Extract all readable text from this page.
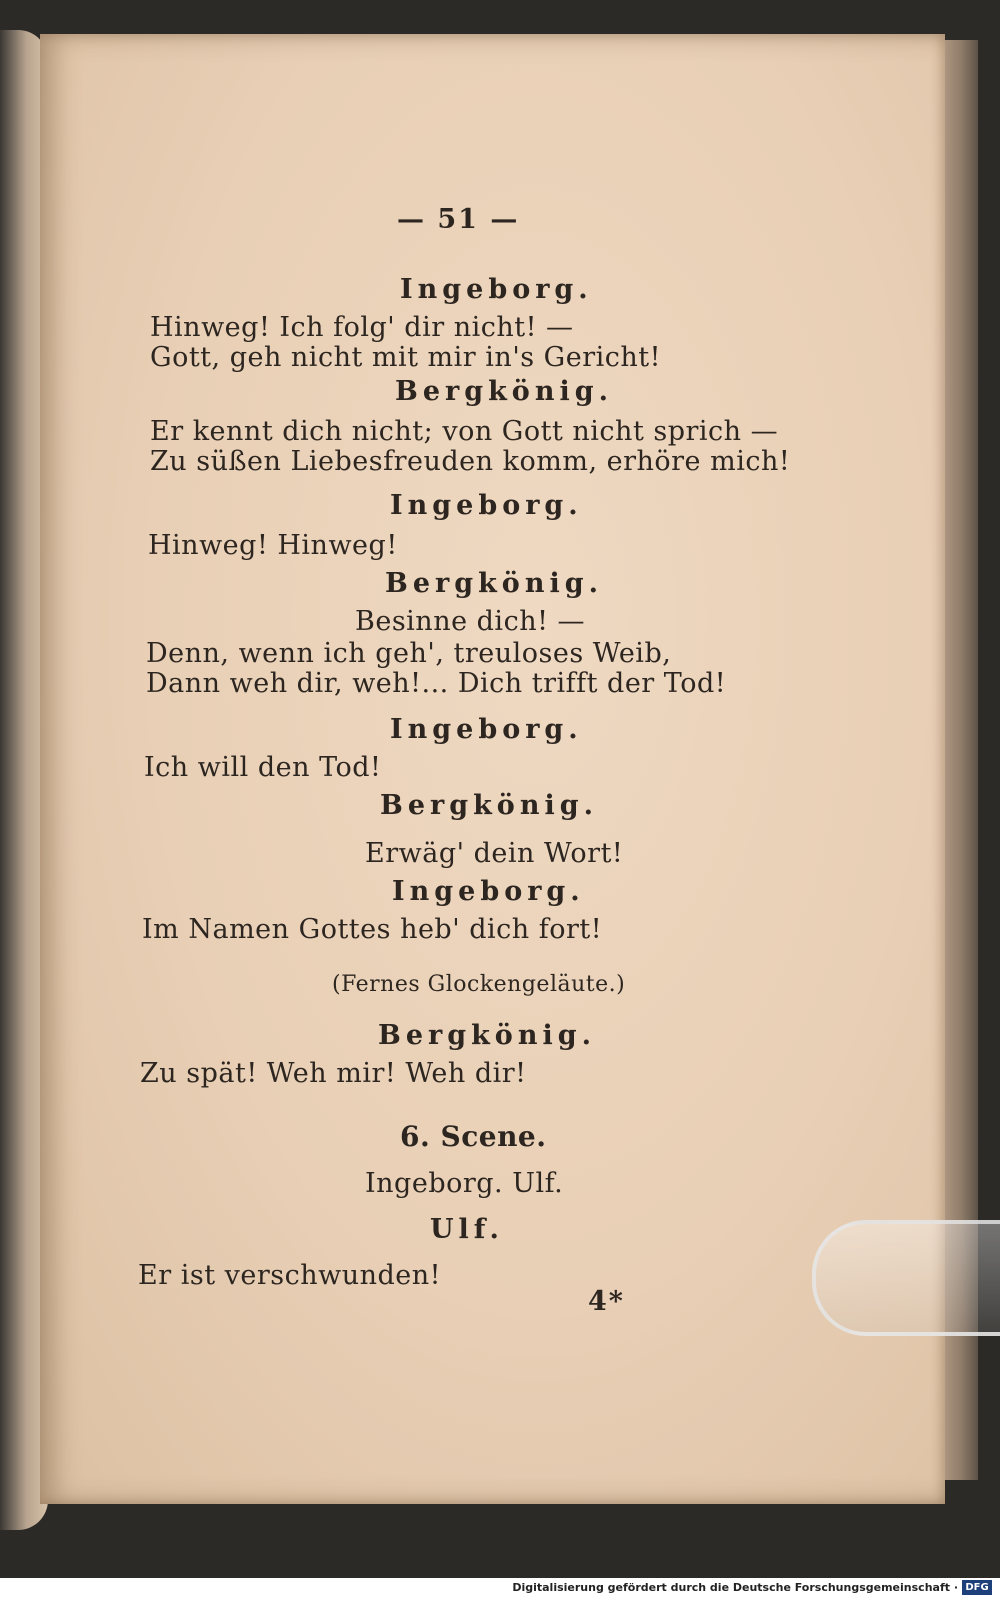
— 51 —
Ingeborg.
Hinweg! Ich folg' dir nicht! —
Gott, geh nicht mit mir in's Gericht!
Bergkönig.
Er kennt dich nicht; von Gott nicht sprich —
Zu süßen Liebesfreuden komm, erhöre mich!
Ingeborg.
Hinweg! Hinweg!
Bergkönig.
Besinne dich! —
Denn, wenn ich geh', treuloses Weib,
Dann weh dir, weh!... Dich trifft der Tod!
Ingeborg.
Ich will den Tod!
Bergkönig.
Erwäg' dein Wort!
Ingeborg.
Im Namen Gottes heb' dich fort!
(Fernes Glockengeläute.)
Bergkönig.
Zu spät! Weh mir! Weh dir!
6. Scene.
Ingeborg. Ulf.
Ulf.
Er ist verschwunden!
4*
Digitalisierung gefördert durch die Deutsche Forschungsgemeinschaft · DFG
